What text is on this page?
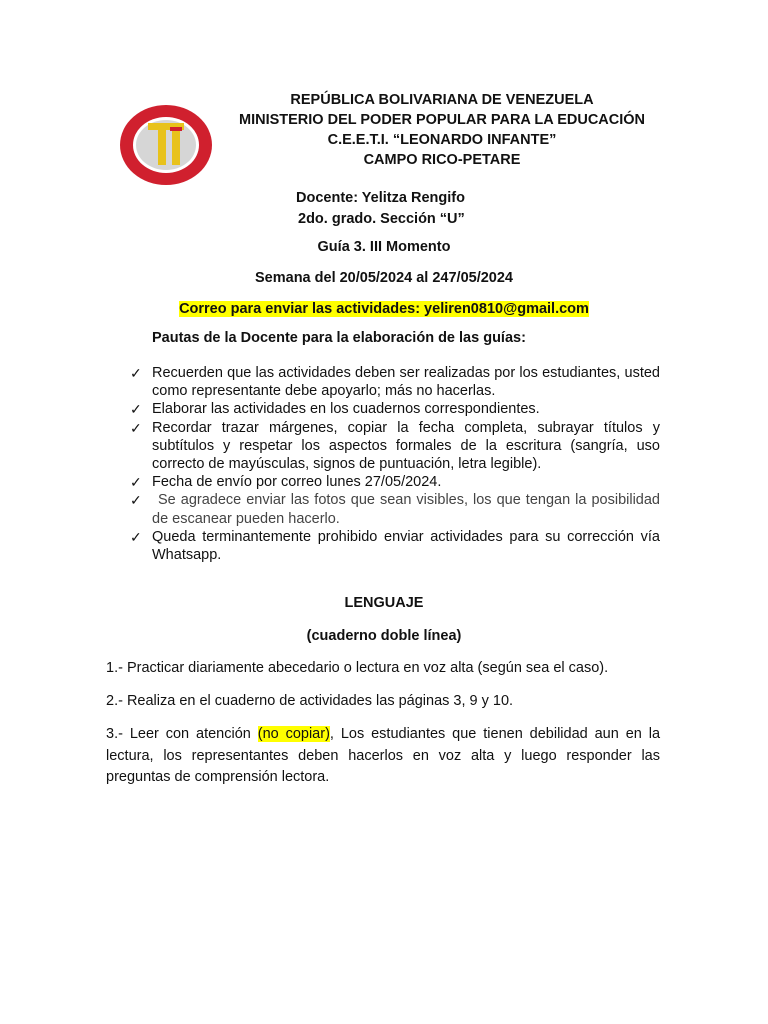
REPÚBLICA BOLIVARIANA DE VENEZUELA
MINISTERIO DEL PODER POPULAR PARA LA EDUCACIÓN
C.E.E.T.I. “LEONARDO INFANTE”
CAMPO RICO-PETARE
Docente: Yelitza Rengifo
2do. grado. Sección “U”
Guía 3. III Momento
Semana del 20/05/2024 al 247/05/2024
Correo para enviar las actividades: yeliren0810@gmail.com
Pautas de la Docente para la elaboración de las guías:
✓ Recuerden que las actividades deben ser realizadas por los estudiantes, usted como representante debe apoyarlo; más no hacerlas.
✓ Elaborar las actividades en los cuadernos correspondientes.
✓ Recordar trazar márgenes, copiar la fecha completa, subrayar títulos y subtítulos y respetar los aspectos formales de la escritura (sangría, uso correcto de mayúsculas, signos de puntuación, letra legible).
✓ Fecha de envío por correo lunes 27/05/2024.
✓ Se agradece enviar las fotos que sean visibles, los que tengan la posibilidad de escanear pueden hacerlo.
✓ Queda terminantemente prohibido enviar actividades para su corrección vía Whatsapp.
LENGUAJE
(cuaderno doble línea)
1.- Practicar diariamente abecedario o lectura en voz alta (según sea el caso).
2.- Realiza en el cuaderno de actividades las páginas 3, 9 y 10.
3.- Leer con atención (no copiar), Los estudiantes que tienen debilidad aun en la lectura, los representantes deben hacerlos en voz alta y luego responder las preguntas de comprensión lectora.
